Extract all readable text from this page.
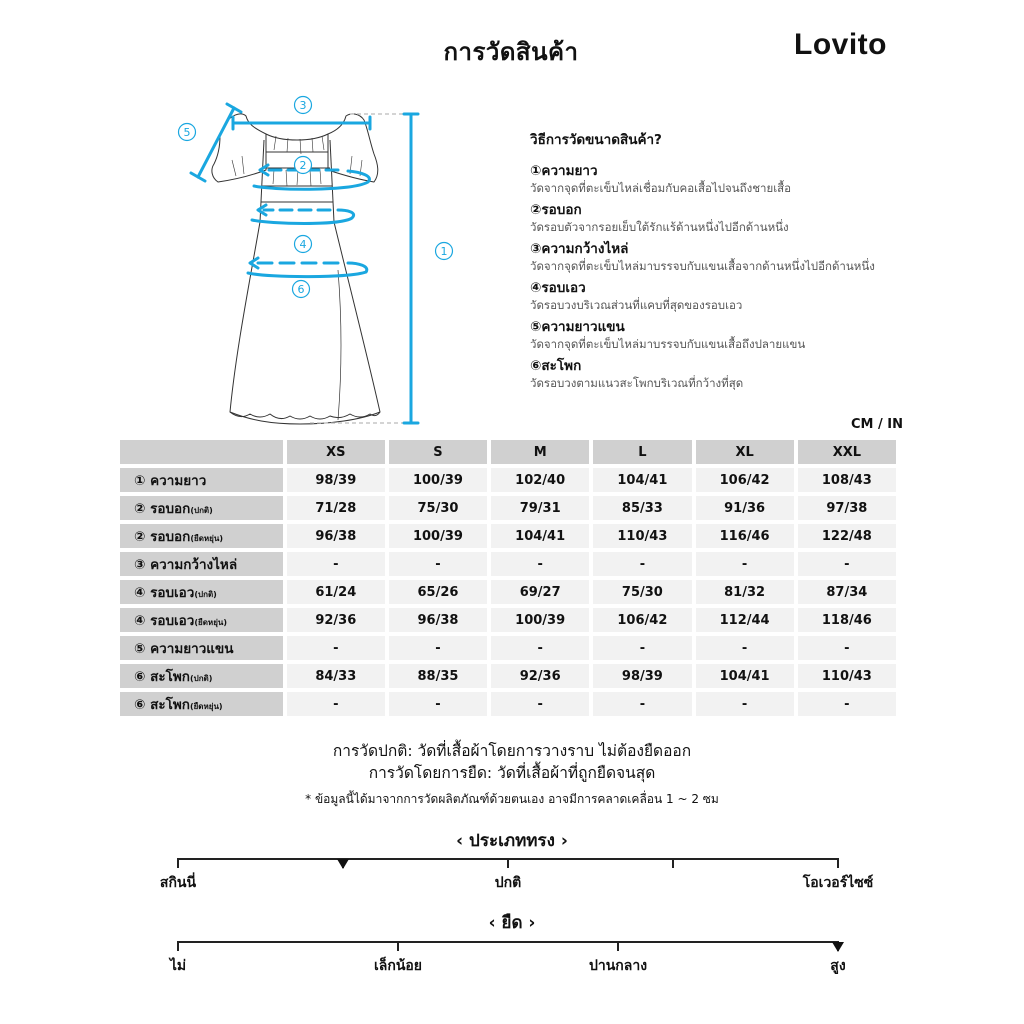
การวัดสินค้า	Lovito
1
2
3
4
5
6
วิธีการวัดขนาดสินค้า?
①ความยาว
วัดจากจุดที่ตะเข็บไหล่เชื่อมกับคอเสื้อไปจนถึงชายเสื้อ
②รอบอก
วัดรอบตัวจากรอยเย็บใต้รักแร้ด้านหนึ่งไปอีกด้านหนึ่ง
③ความกว้างไหล่
วัดจากจุดที่ตะเข็บไหล่มาบรรจบกับแขนเสื้อจากด้านหนึ่งไปอีกด้านหนึ่ง
④รอบเอว
วัดรอบวงบริเวณส่วนที่แคบที่สุดของรอบเอว
⑤ความยาวแขน
วัดจากจุดที่ตะเข็บไหล่มาบรรจบกับแขนเสื้อถึงปลายแขน
⑥สะโพก
วัดรอบวงตามแนวสะโพกบริเวณที่กว้างที่สุด
CM / IN
	XS	S	M	L	XL	XXL
① ความยาว	98/39	100/39	102/40	104/41	106/42	108/43
② รอบอก(ปกติ)	71/28	75/30	79/31	85/33	91/36	97/38
② รอบอก(ยืดหยุ่น)	96/38	100/39	104/41	110/43	116/46	122/48
③ ความกว้างไหล่	-	-	-	-	-	-
④ รอบเอว(ปกติ)	61/24	65/26	69/27	75/30	81/32	87/34
④ รอบเอว(ยืดหยุ่น)	92/36	96/38	100/39	106/42	112/44	118/46
⑤ ความยาวแขน	-	-	-	-	-	-
⑥ สะโพก(ปกติ)	84/33	88/35	92/36	98/39	104/41	110/43
⑥ สะโพก(ยืดหยุ่น)	-	-	-	-	-	-
การวัดปกติ: วัดที่เสื้อผ้าโดยการวางราบ ไม่ต้องยืดออก
การวัดโดยการยืด: วัดที่เสื้อผ้าที่ถูกยืดจนสุด
* ข้อมูลนี้ได้มาจากการวัดผลิตภัณฑ์ด้วยตนเอง อาจมีการคลาดเคลื่อน 1 ~ 2 ซม
‹ ประเภททรง ›
สกินนี่	ปกติ	โอเวอร์ไซซ์
‹ ยืด ›
ไม่	เล็กน้อย	ปานกลาง	สูง
